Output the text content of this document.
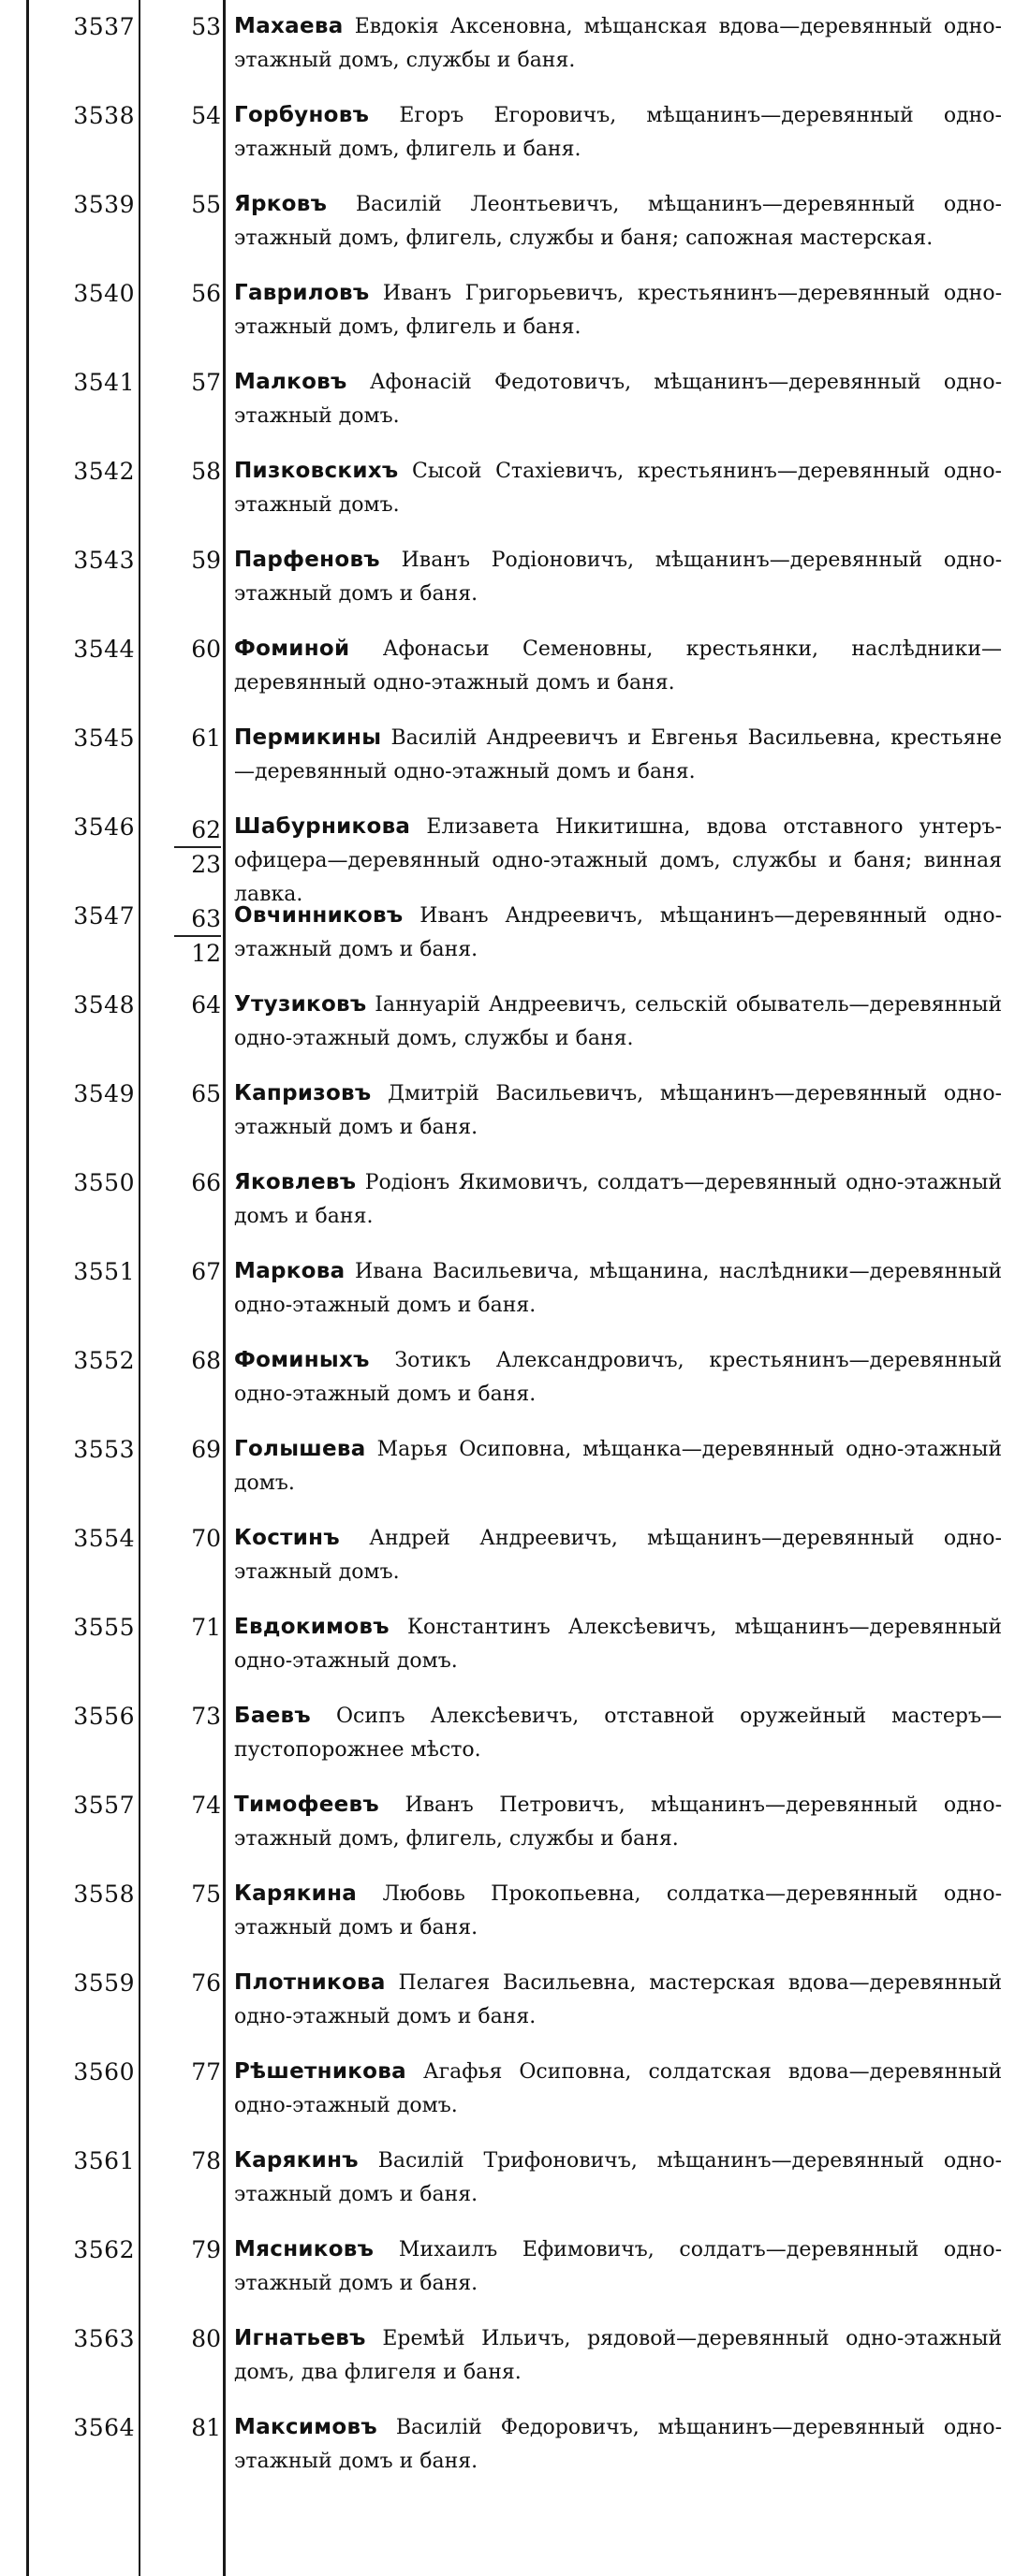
3537	53 Махаева Евдокія Аксеновна, мѣщанская вдова—деревянный одно-этажный домъ, службы и баня.
3538	54 Горбуновъ Егоръ Егоровичъ, мѣщанинъ—деревянный одно-этажный домъ, флигель и баня.
3539	55 Ярковъ Василій Леонтьевичъ, мѣщанинъ—деревянный одно-этажный домъ, флигель, службы и баня; сапожная мастерская.
3540	56 Гавриловъ Иванъ Григорьевичъ, крестьянинъ—деревянный одно-этажный домъ, флигель и баня.
3541	57 Малковъ Афонасій Федотовичъ, мѣщанинъ—деревянный одно-этажный домъ.
3542	58 Пизковскихъ Сысой Стахіевичъ, крестьянинъ—деревянный одно-этажный домъ.
3543	59 Парфеновъ Иванъ Родіоновичъ, мѣщанинъ—деревянный одно-этажный домъ и баня.
3544	60 Фоминой Афонасьи Семеновны, крестьянки, наслѣдники—деревянный одно-этажный домъ и баня.
3545	61 Пермикины Василій Андреевичъ и Евгенья Васильевна, крестьяне—деревянный одно-этажный домъ и баня.
$3546 \frac{62}{23}$ Шабурникова Елизавета Никитишна, вдова отставного унтеръ-офицера—деревянный одно-этажный домъ, службы и баня; винная лавка.
$3547 \frac{63}{12}$ Овчинниковъ Иванъ Андреевичъ, мѣщанинъ—деревянный одно-этажный домъ и баня.
3548	64 Утузиковъ Іаннуарій Андреевичъ, сельскій обыватель—деревянный одно-этажный домъ, службы и баня.
3549	65 Капризовъ Дмитрій Васильевичъ, мѣщанинъ—деревянный одно-этажный домъ и баня.
3550	66 Яковлевъ Родіонъ Якимовичъ, солдатъ—деревянный одно-этажный домъ и баня.
3551	67 Маркова Ивана Васильевича, мѣщанина, наслѣдники—деревянный одно-этажный домъ и баня.
3552	68 Фоминыхъ Зотикъ Александровичъ, крестьянинъ—деревянный одно-этажный домъ и баня.
3553	69 Голышева Марья Осиповна, мѣщанка—деревянный одно-этажный домъ.
3554	70 Костинъ Андрей Андреевичъ, мѣщанинъ—деревянный одно-этажный домъ.
3555	71 Евдокимовъ Константинъ Алексѣевичъ, мѣщанинъ—деревянный одно-этажный домъ.
3556	73 Баевъ Осипъ Алексѣевичъ, отставной оружейный мастеръ—пустопорожнее мѣсто.
3557	74 Тимофеевъ Иванъ Петровичъ, мѣщанинъ—деревянный одно-этажный домъ, флигель, службы и баня.
3558	75 Карякина Любовь Прокопьевна, солдатка—деревянный одно-этажный домъ и баня.
3559	76 Плотникова Пелагея Васильевна, мастерская вдова—деревянный одно-этажный домъ и баня.
3560	77 Рѣшетникова Агафья Осиповна, солдатская вдова—деревянный одно-этажный домъ.
3561	78 Карякинъ Василій Трифоновичъ, мѣщанинъ—деревянный одно-этажный домъ и баня.
3562	79 Мясниковъ Михаилъ Ефимовичъ, солдатъ—деревянный одно-этажный домъ и баня.
3563	80 Игнатьевъ Еремѣй Ильичъ, рядовой—деревянный одно-этажный домъ, два флигеля и баня.
3564	81 Максимовъ Василій Федоровичъ, мѣщанинъ—деревянный одно-этажный домъ и баня.
